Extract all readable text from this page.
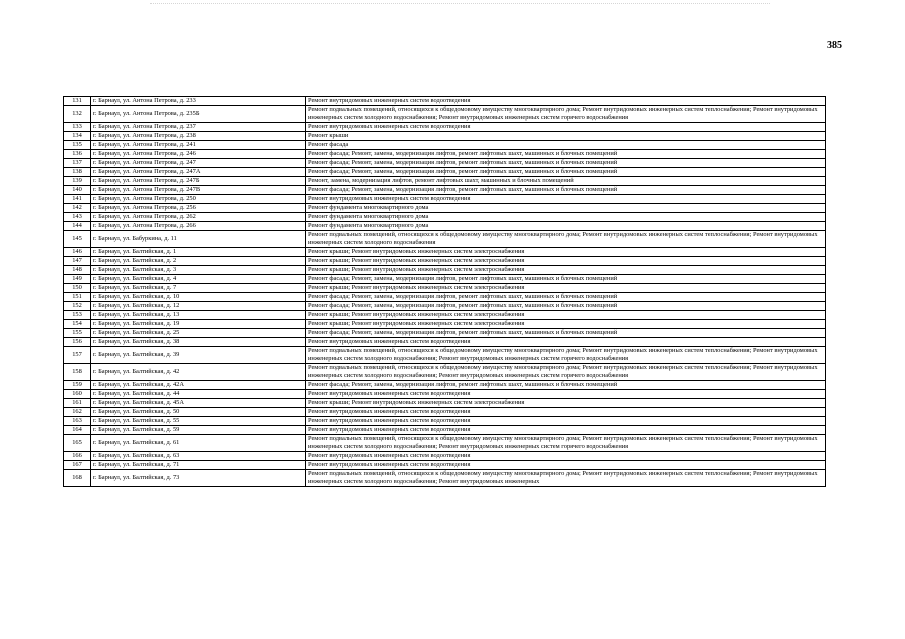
385
131	г. Барнаул, ул. Антона Петрова, д. 233	Ремонт внутридомовых инженерных систем водоотведения
132	г. Барнаул, ул. Антона Петрова, д. 235Б	Ремонт подвальных помещений, относящихся к общедомовому имуществу многоквартирного дома; Ремонт внутридомовых инженерных систем теплоснабжения; Ремонт внутридомовых инженерных систем холодного водоснабжения; Ремонт внутридомовых инженерных систем горячего водоснабжения
133	г. Барнаул, ул. Антона Петрова, д. 237	Ремонт внутридомовых инженерных систем водоотведения
134	г. Барнаул, ул. Антона Петрова, д. 238	Ремонт крыши
135	г. Барнаул, ул. Антона Петрова, д. 241	Ремонт фасада
136	г. Барнаул, ул. Антона Петрова, д. 246	Ремонт фасада; Ремонт, замена, модернизация лифтов, ремонт лифтовых шахт, машинных и блочных помещений
137	г. Барнаул, ул. Антона Петрова, д. 247	Ремонт фасада; Ремонт, замена, модернизация лифтов, ремонт лифтовых шахт, машинных и блочных помещений
138	г. Барнаул, ул. Антона Петрова, д. 247А	Ремонт фасада; Ремонт, замена, модернизация лифтов, ремонт лифтовых шахт, машинных и блочных помещений
139	г. Барнаул, ул. Антона Петрова, д. 247Б	Ремонт, замена, модернизация лифтов, ремонт лифтовых шахт, машинных и блочных помещений
140	г. Барнаул, ул. Антона Петрова, д. 247В	Ремонт фасада; Ремонт, замена, модернизация лифтов, ремонт лифтовых шахт, машинных и блочных помещений
141	г. Барнаул, ул. Антона Петрова, д. 250	Ремонт внутридомовых инженерных систем водоотведения
142	г. Барнаул, ул. Антона Петрова, д. 256	Ремонт фундамента многоквартирного дома
143	г. Барнаул, ул. Антона Петрова, д. 262	Ремонт фундамента многоквартирного дома
144	г. Барнаул, ул. Антона Петрова, д. 266	Ремонт фундамента многоквартирного дома
145	г. Барнаул, ул. Бабуркина, д. 11	Ремонт подвальных помещений, относящихся к общедомовому имуществу многоквартирного дома; Ремонт внутридомовых инженерных систем теплоснабжения; Ремонт внутридомовых инженерных систем холодного водоснабжения
146	г. Барнаул, ул. Балтийская, д. 1	Ремонт крыши; Ремонт внутридомовых инженерных систем электроснабжения
147	г. Барнаул, ул. Балтийская, д. 2	Ремонт крыши; Ремонт внутридомовых инженерных систем электроснабжения
148	г. Барнаул, ул. Балтийская, д. 3	Ремонт крыши; Ремонт внутридомовых инженерных систем электроснабжения
149	г. Барнаул, ул. Балтийская, д. 4	Ремонт фасада; Ремонт, замена, модернизация лифтов, ремонт лифтовых шахт, машинных и блочных помещений
150	г. Барнаул, ул. Балтийская, д. 7	Ремонт крыши; Ремонт внутридомовых инженерных систем электроснабжения
151	г. Барнаул, ул. Балтийская, д. 10	Ремонт фасада; Ремонт, замена, модернизация лифтов, ремонт лифтовых шахт, машинных и блочных помещений
152	г. Барнаул, ул. Балтийская, д. 12	Ремонт фасада; Ремонт, замена, модернизация лифтов, ремонт лифтовых шахт, машинных и блочных помещений
153	г. Барнаул, ул. Балтийская, д. 13	Ремонт крыши; Ремонт внутридомовых инженерных систем электроснабжения
154	г. Барнаул, ул. Балтийская, д. 19	Ремонт крыши; Ремонт внутридомовых инженерных систем электроснабжения
155	г. Барнаул, ул. Балтийская, д. 25	Ремонт фасада; Ремонт, замена, модернизация лифтов, ремонт лифтовых шахт, машинных и блочных помещений
156	г. Барнаул, ул. Балтийская, д. 38	Ремонт внутридомовых инженерных систем водоотведения
157	г. Барнаул, ул. Балтийская, д. 39	Ремонт подвальных помещений, относящихся к общедомовому имуществу многоквартирного дома; Ремонт внутридомовых инженерных систем теплоснабжения; Ремонт внутридомовых инженерных систем холодного водоснабжения; Ремонт внутридомовых инженерных систем горячего водоснабжения
158	г. Барнаул, ул. Балтийская, д. 42	Ремонт подвальных помещений, относящихся к общедомовому имуществу многоквартирного дома; Ремонт внутридомовых инженерных систем теплоснабжения; Ремонт внутридомовых инженерных систем холодного водоснабжения; Ремонт внутридомовых инженерных систем горячего водоснабжения
159	г. Барнаул, ул. Балтийская, д. 42А	Ремонт фасада; Ремонт, замена, модернизация лифтов, ремонт лифтовых шахт, машинных и блочных помещений
160	г. Барнаул, ул. Балтийская, д. 44	Ремонт внутридомовых инженерных систем водоотведения
161	г. Барнаул, ул. Балтийская, д. 45А	Ремонт крыши; Ремонт внутридомовых инженерных систем электроснабжения
162	г. Барнаул, ул. Балтийская, д. 50	Ремонт внутридомовых инженерных систем водоотведения
163	г. Барнаул, ул. Балтийская, д. 55	Ремонт внутридомовых инженерных систем водоотведения
164	г. Барнаул, ул. Балтийская, д. 59	Ремонт внутридомовых инженерных систем водоотведения
165	г. Барнаул, ул. Балтийская, д. 61	Ремонт подвальных помещений, относящихся к общедомовому имуществу многоквартирного дома; Ремонт внутридомовых инженерных систем теплоснабжения; Ремонт внутридомовых инженерных систем холодного водоснабжения; Ремонт внутридомовых инженерных систем горячего водоснабжения
166	г. Барнаул, ул. Балтийская, д. 63	Ремонт внутридомовых инженерных систем водоотведения
167	г. Барнаул, ул. Балтийская, д. 71	Ремонт внутридомовых инженерных систем водоотведения
168	г. Барнаул, ул. Балтийская, д. 73	Ремонт подвальных помещений, относящихся к общедомовому имуществу многоквартирного дома; Ремонт внутридомовых инженерных систем теплоснабжения; Ремонт внутридомовых инженерных систем холодного водоснабжения; Ремонт внутридомовых инженерных
